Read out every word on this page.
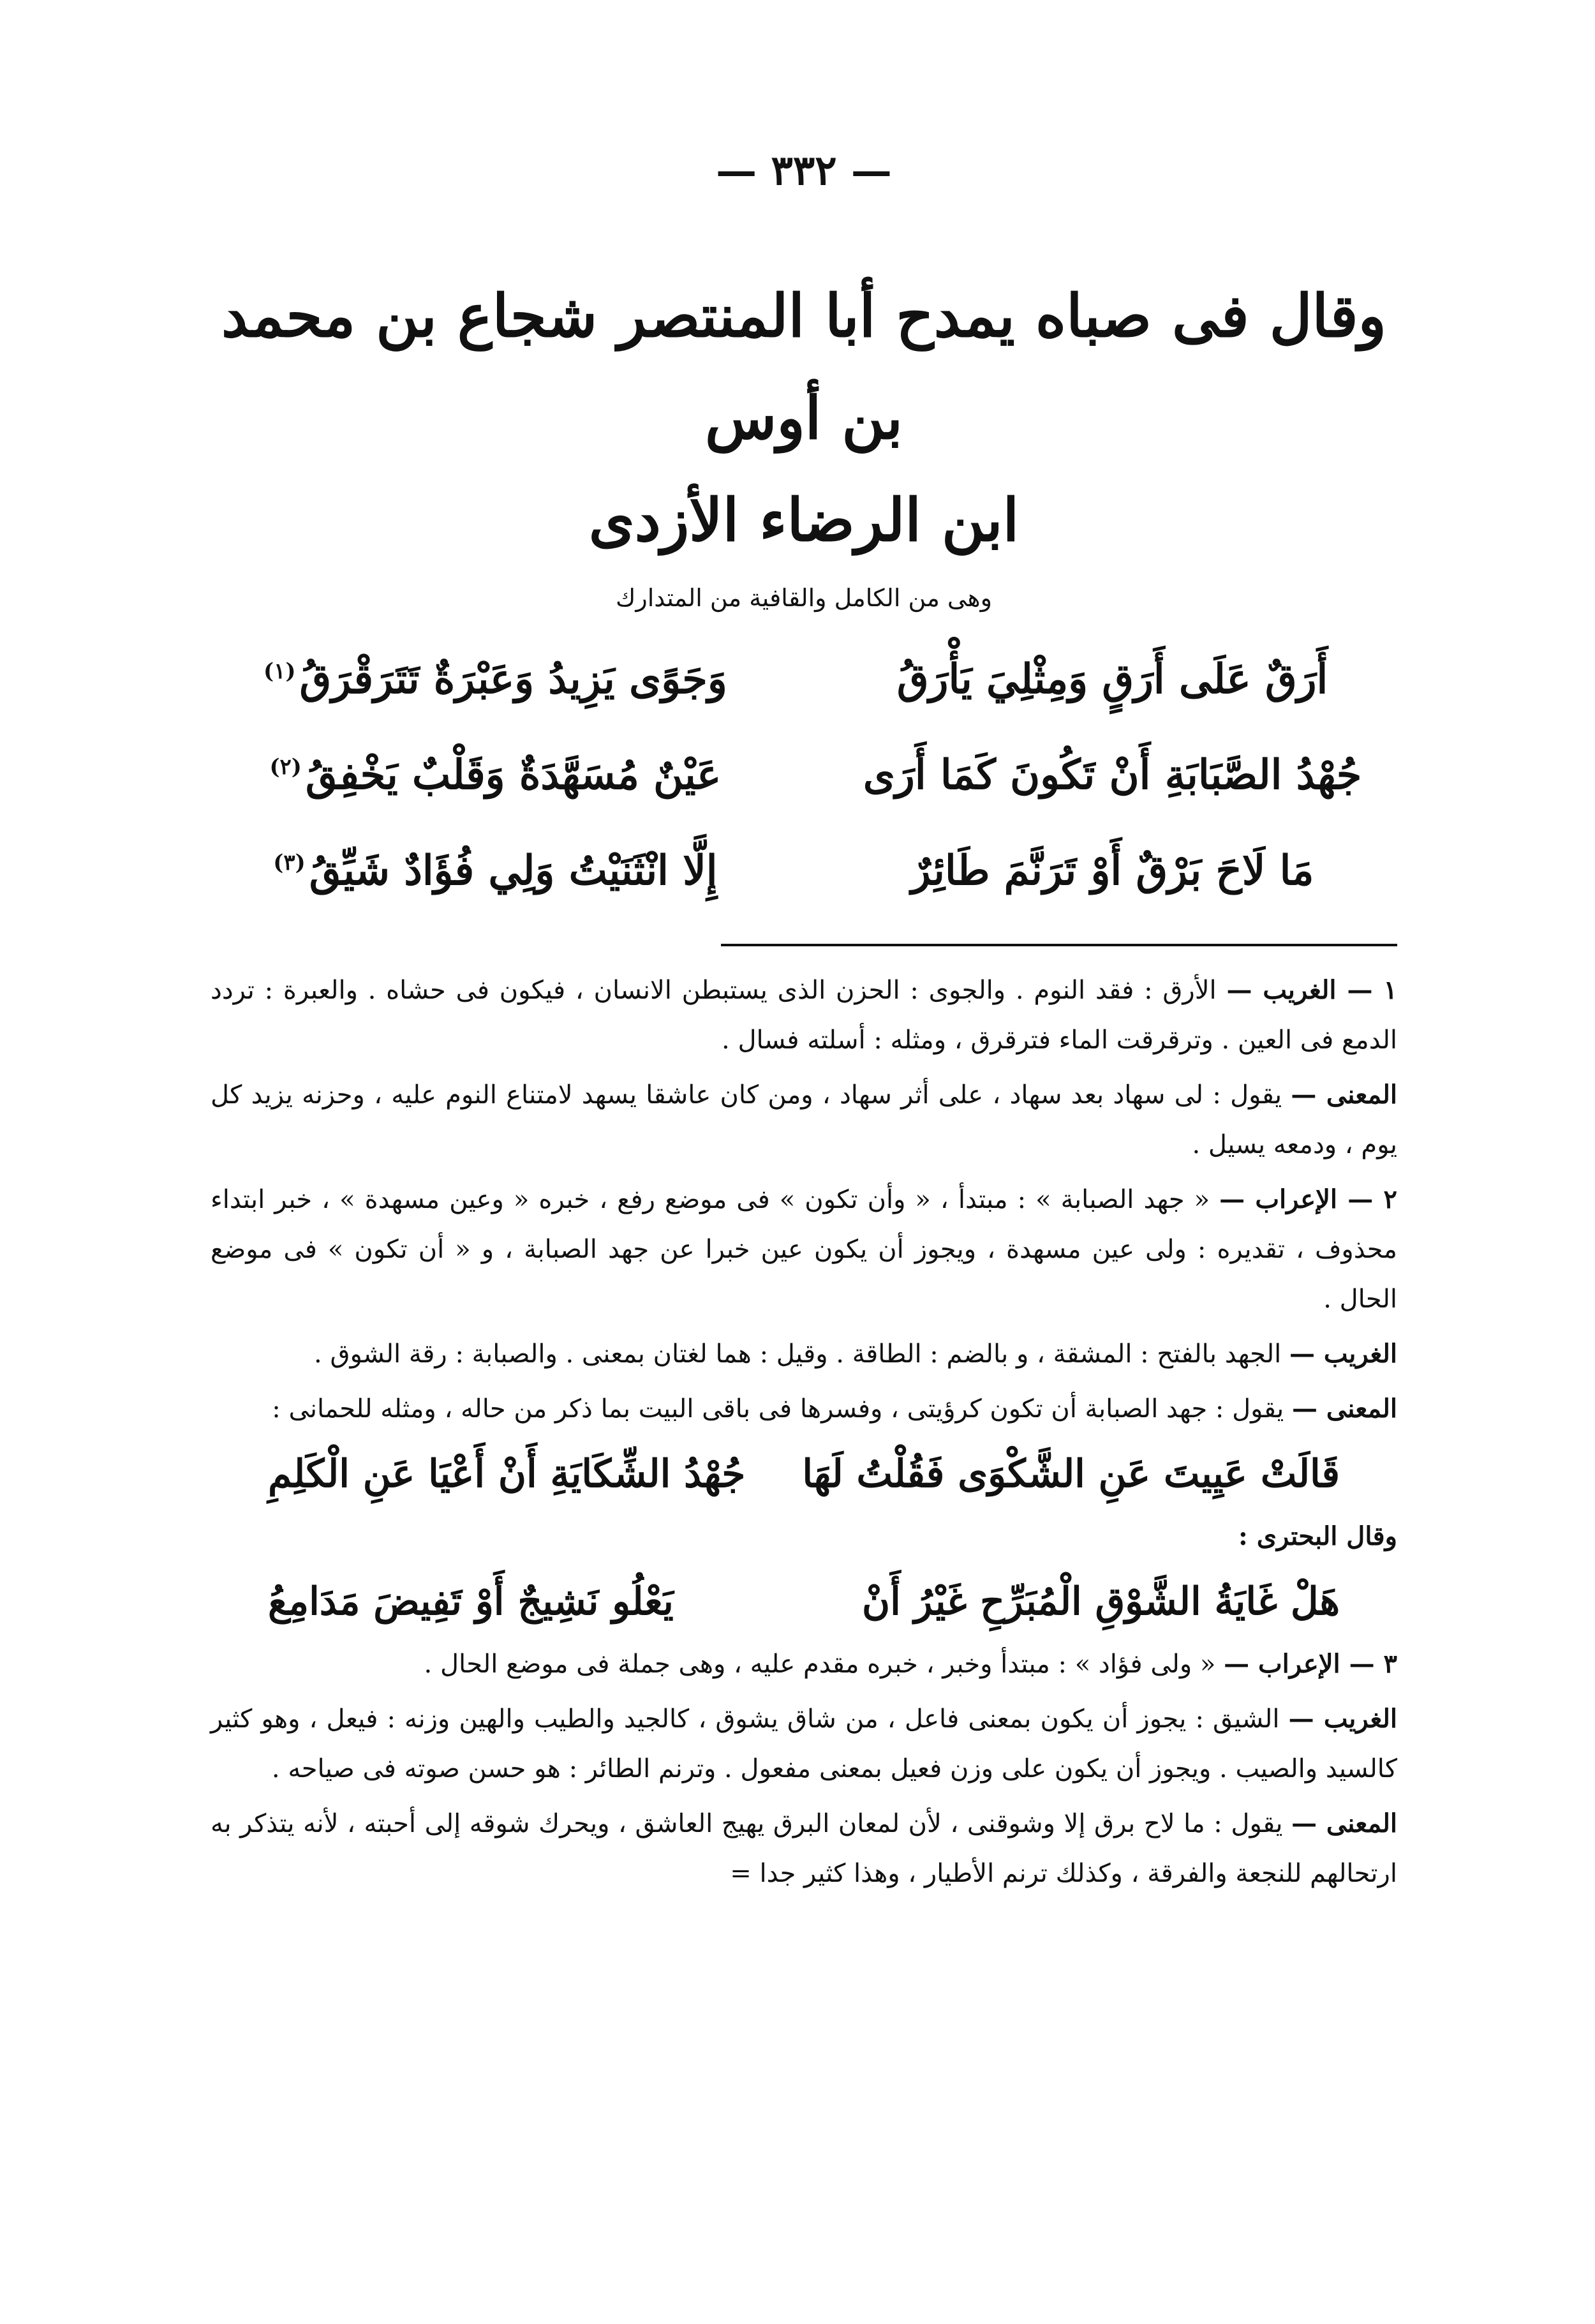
— ٣٣٢ —
وقال فى صباه يمدح أبا المنتصر شجاع بن محمد بن أوس
ابن الرضاء الأزدى
وهى من الكامل والقافية من المتدارك
أَرَقٌ عَلَى أَرَقٍ وَمِثْلِيَ يَأْرَقُ
وَجَوًى يَزِيدُ وَعَبْرَةٌ تَتَرَقْرَقُ$^{(١)}$
جُهْدُ الصَّبَابَةِ أَنْ تَكُونَ كَمَا أَرَى
عَيْنٌ مُسَهَّدَةٌ وَقَلْبٌ يَخْفِقُ$^{(٢)}$
مَا لَاحَ بَرْقٌ أَوْ تَرَنَّمَ طَائِرٌ
إِلَّا انْثَنَيْتُ وَلِي فُؤَادٌ شَيِّقُ$^{(٣)}$

١ — الغريب — الأرق : فقد النوم . والجوى : الحزن الذى يستبطن الانسان ، فيكون فى حشاه . والعبرة : تردد الدمع فى العين . وترقرقت الماء فترقرق ، ومثله : أسلته فسال .

المعنى — يقول : لى سهاد بعد سهاد ، على أثر سهاد ، ومن كان عاشقا يسهد لامتناع النوم عليه ، وحزنه يزيد كل يوم ، ودمعه يسيل .

٢ — الإعراب — « جهد الصبابة » : مبتدأ ، « وأن تكون » فى موضع رفع ، خبره « وعين مسهدة » ، خبر ابتداء محذوف ، تقديره : ولى عين مسهدة ، ويجوز أن يكون عين خبرا عن جهد الصبابة ، و « أن تكون » فى موضع الحال .

الغريب — الجهد بالفتح : المشقة ، و بالضم : الطاقة . وقيل : هما لغتان بمعنى . والصبابة : رقة الشوق .

المعنى — يقول : جهد الصبابة أن تكون كرؤيتى ، وفسرها فى باقى البيت بما ذكر من حاله ، ومثله للحمانى :

قَالَتْ عَيِيتَ عَنِ الشَّكْوَى فَقُلْتُ لَهَا
جُهْدُ الشِّكَايَةِ أَنْ أَعْيَا عَنِ الْكَلِمِ

وقال البحترى :

هَلْ غَايَةُ الشَّوْقِ الْمُبَرِّحِ غَيْرُ أَنْ
يَعْلُو نَشِيجٌ أَوْ تَفِيضَ مَدَامِعُ

٣ — الإعراب — « ولى فؤاد » : مبتدأ وخبر ، خبره مقدم عليه ، وهى جملة فى موضع الحال .

الغريب — الشيق : يجوز أن يكون بمعنى فاعل ، من شاق يشوق ، كالجيد والطيب والهين وزنه : فيعل ، وهو كثير كالسيد والصيب . ويجوز أن يكون على وزن فعيل بمعنى مفعول . وترنم الطائر : هو حسن صوته فى صياحه .

المعنى — يقول : ما لاح برق إلا وشوقنى ، لأن لمعان البرق يهيج العاشق ، ويحرك شوقه إلى أحبته ، لأنه يتذكر به ارتحالهم للنجعة والفرقة ، وكذلك ترنم الأطيار ، وهذا كثير جدا =
